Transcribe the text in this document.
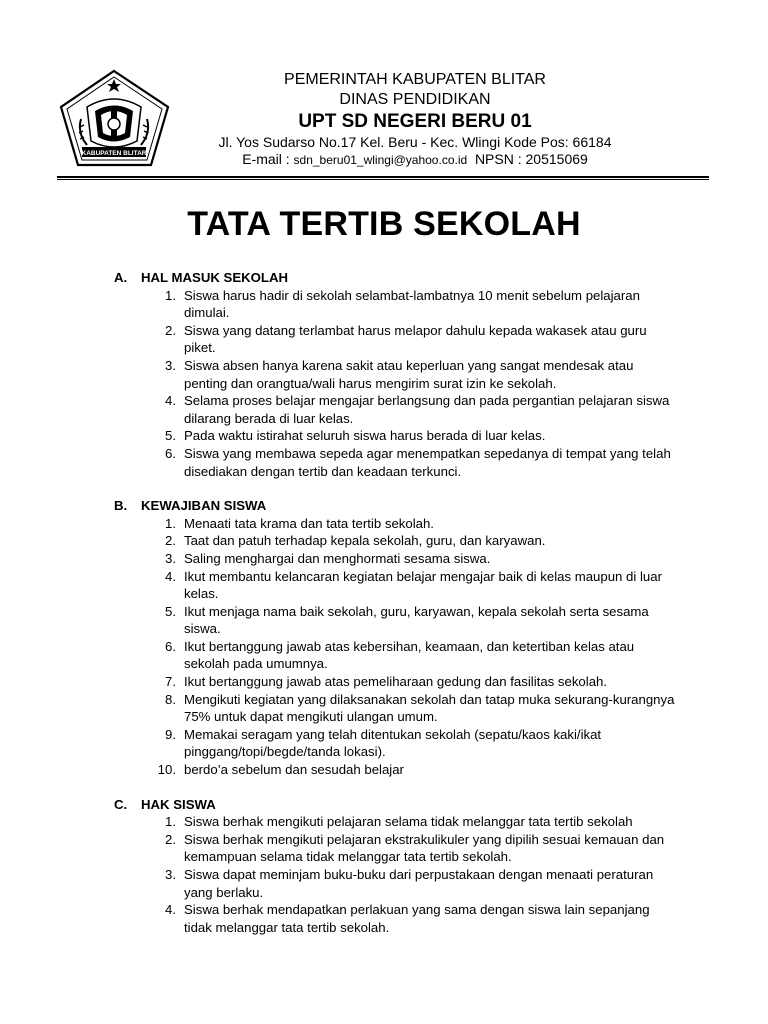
KABUPATEN BLITAR
PEMERINTAH KABUPATEN BLITAR
DINAS PENDIDIKAN
UPT SD NEGERI BERU 01
Jl. Yos Sudarso No.17 Kel. Beru - Kec. Wlingi Kode Pos: 66184
E-mail : sdn_beru01_wlingi@yahoo.co.id  NPSN : 20515069
TATA TERTIB SEKOLAH
A.	HAL MASUK SEKOLAH
1. Siswa harus hadir di sekolah selambat-lambatnya 10 menit sebelum pelajaran dimulai.
2. Siswa yang datang terlambat harus melapor dahulu kepada wakasek atau guru piket.
3. Siswa absen hanya karena sakit atau keperluan yang sangat mendesak atau penting dan orangtua/wali harus mengirim surat izin ke sekolah.
4. Selama proses belajar mengajar berlangsung dan pada pergantian pelajaran siswa dilarang berada di luar kelas.
5. Pada waktu istirahat seluruh siswa harus berada di luar kelas.
6. Siswa yang membawa sepeda agar menempatkan sepedanya di tempat yang telah disediakan dengan tertib dan keadaan terkunci.
B.	KEWAJIBAN SISWA
1. Menaati tata krama dan tata tertib sekolah.
2. Taat dan patuh terhadap kepala sekolah, guru, dan karyawan.
3. Saling menghargai dan menghormati sesama siswa.
4. Ikut membantu kelancaran kegiatan belajar mengajar baik di kelas maupun di luar kelas.
5. Ikut menjaga nama baik sekolah, guru, karyawan, kepala sekolah serta sesama siswa.
6. Ikut bertanggung jawab atas kebersihan, keamaan, dan ketertiban kelas atau sekolah pada umumnya.
7. Ikut bertanggung jawab atas pemeliharaan gedung dan fasilitas sekolah.
8. Mengikuti kegiatan yang dilaksanakan sekolah dan tatap muka sekurang-kurangnya 75% untuk dapat mengikuti ulangan umum.
9. Memakai seragam yang telah ditentukan sekolah (sepatu/kaos kaki/ikat pinggang/topi/begde/tanda lokasi).
10. berdo’a sebelum dan sesudah belajar
C.	HAK SISWA
1. Siswa berhak mengikuti pelajaran selama tidak melanggar tata tertib sekolah
2. Siswa berhak mengikuti pelajaran ekstrakulikuler yang dipilih sesuai kemauan dan kemampuan selama tidak melanggar tata tertib sekolah.
3. Siswa dapat meminjam buku-buku dari perpustakaan dengan menaati peraturan yang berlaku.
4. Siswa berhak mendapatkan perlakuan yang sama dengan siswa lain sepanjang tidak melanggar tata tertib sekolah.
